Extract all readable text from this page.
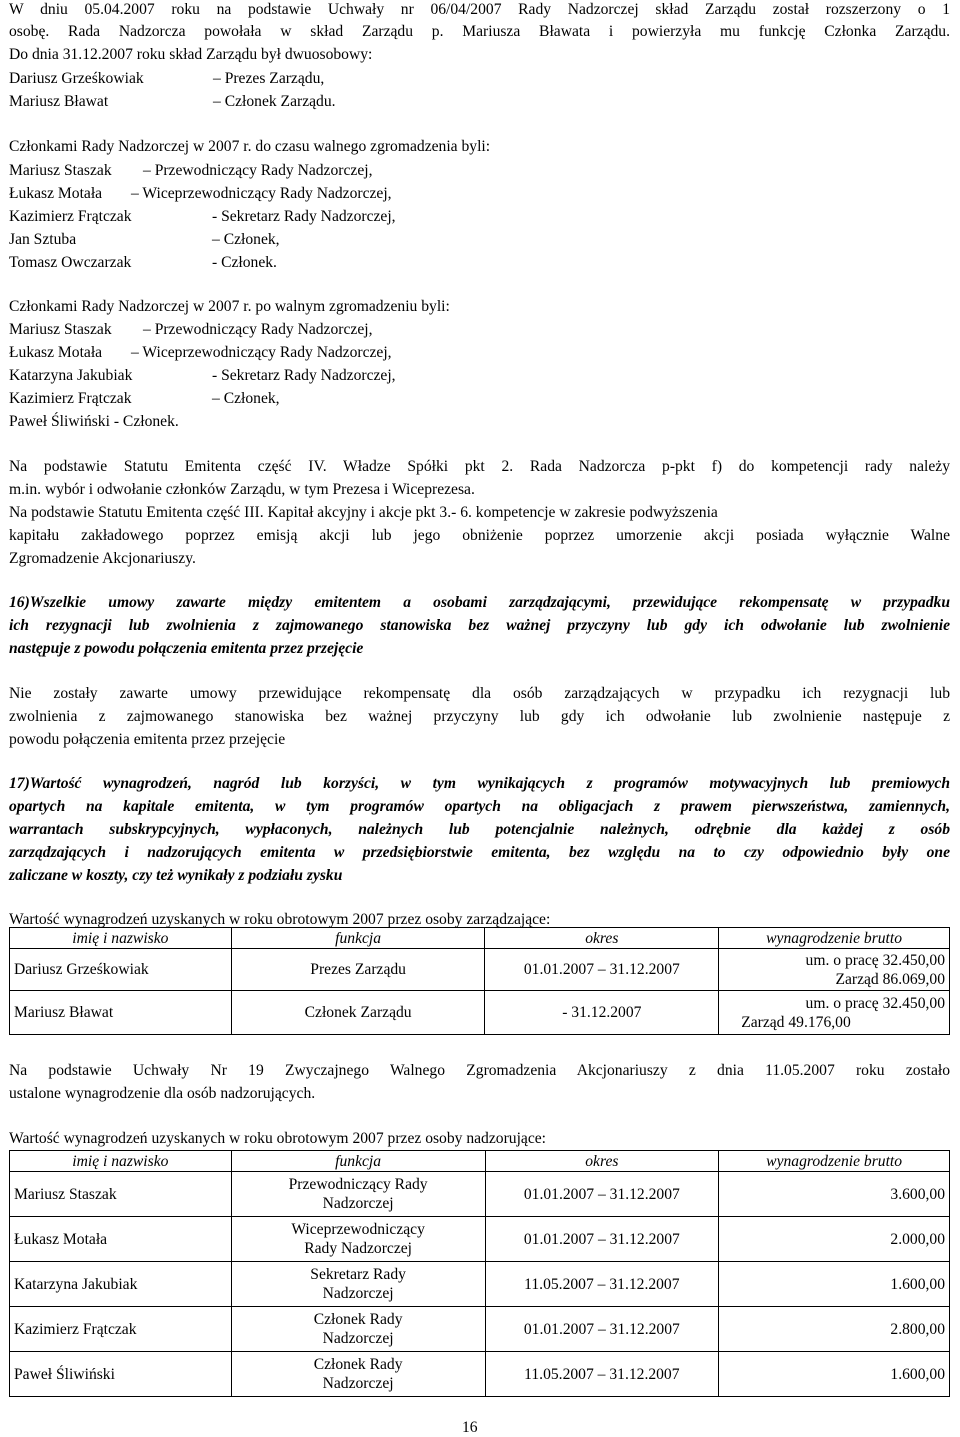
W dniu 05.04.2007 roku na podstawie Uchwały nr 06/04/2007 Rady Nadzorczej skład Zarządu został rozszerzony o 1

osobę. Rada Nadzorcza powołała w skład Zarządu p. Mariusza Bławata i powierzyła mu funkcję Członka Zarządu.

Do dnia 31.12.2007 roku skład Zarządu był dwuosobowy:

Dariusz Grześkowiak	– Prezes Zarządu,

Mariusz Bławat	– Członek Zarządu.

Członkami Rady Nadzorczej w 2007 r. do czasu walnego zgromadzenia byli:

Mariusz Staszak – Przewodniczący Rady Nadzorczej,

Łukasz Motała – Wiceprzewodniczący Rady Nadzorczej,

Kazimierz Frątczak	- Sekretarz Rady Nadzorczej,

Jan Sztuba	– Członek,

Tomasz Owczarzak	- Członek.

Członkami Rady Nadzorczej w 2007 r. po walnym zgromadzeniu byli:

Mariusz Staszak – Przewodniczący Rady Nadzorczej,

Łukasz Motała – Wiceprzewodniczący Rady Nadzorczej,

Katarzyna Jakubiak	- Sekretarz Rady Nadzorczej,

Kazimierz Frątczak	– Członek,

Paweł Śliwiński - Członek.

Na podstawie Statutu Emitenta część IV. Władze Spółki pkt 2. Rada Nadzorcza p-pkt f) do kompetencji rady należy

m.in. wybór i odwołanie członków Zarządu, w tym Prezesa i Wiceprezesa.

Na podstawie Statutu Emitenta część III. Kapitał akcyjny i akcje pkt 3.- 6. kompetencje w zakresie podwyższenia

kapitału zakładowego poprzez emisją akcji lub jego obniżenie poprzez umorzenie akcji posiada wyłącznie Walne

Zgromadzenie Akcjonariuszy.

16)Wszelkie umowy zawarte między emitentem a osobami zarządzającymi, przewidujące rekompensatę w przypadku

ich rezygnacji lub zwolnienia z zajmowanego stanowiska bez ważnej przyczyny lub gdy ich odwołanie lub zwolnienie

następuje z powodu połączenia emitenta przez przejęcie

Nie zostały zawarte umowy przewidujące rekompensatę dla osób zarządzających w przypadku ich rezygnacji lub

zwolnienia z zajmowanego stanowiska bez ważnej przyczyny lub gdy ich odwołanie lub zwolnienie następuje z

powodu połączenia emitenta przez przejęcie

17)Wartość wynagrodzeń, nagród lub korzyści, w tym wynikających z programów motywacyjnych lub premiowych

opartych na kapitale emitenta, w tym programów opartych na obligacjach z prawem pierwszeństwa, zamiennych,

warrantach subskrypcyjnych, wypłaconych, należnych lub potencjalnie należnych, odrębnie dla każdej z osób

zarządzających i nadzorujących emitenta w przedsiębiorstwie emitenta, bez względu na to czy odpowiednio były one

zaliczane w koszty, czy też wynikały z podziału zysku

Wartość wynagrodzeń uzyskanych w roku obrotowym 2007 przez osoby zarządzające:

imię i nazwisko	funkcja	okres	wynagrodzenie brutto
Dariusz Grześkowiak	Prezes Zarządu	01.01.2007 – 31.12.2007	um. o pracę 32.450,00
Zarząd 86.069,00

Mariusz Bławat	Członek Zarządu	- 31.12.2007	um. o pracę 32.450,00
Zarząd 49.176,00

Na podstawie Uchwały Nr 19 Zwyczajnego Walnego Zgromadzenia Akcjonariuszy z dnia 11.05.2007 roku zostało

ustalone wynagrodzenie dla osób nadzorujących.

Wartość wynagrodzeń uzyskanych w roku obrotowym 2007 przez osoby nadzorujące:

imię i nazwisko	funkcja	okres	wynagrodzenie brutto
Mariusz Staszak	Przewodniczący Rady
Nadzorczej	01.01.2007 – 31.12.2007	3.600,00
Łukasz Motała	Wiceprzewodniczący
Rady Nadzorczej	01.01.2007 – 31.12.2007	2.000,00
Katarzyna Jakubiak	Sekretarz Rady
Nadzorczej	11.05.2007 – 31.12.2007	1.600,00
Kazimierz Frątczak	Członek Rady
Nadzorczej	01.01.2007 – 31.12.2007	2.800,00
Paweł Śliwiński	Członek Rady
Nadzorczej	11.05.2007 – 31.12.2007	1.600,00
16
